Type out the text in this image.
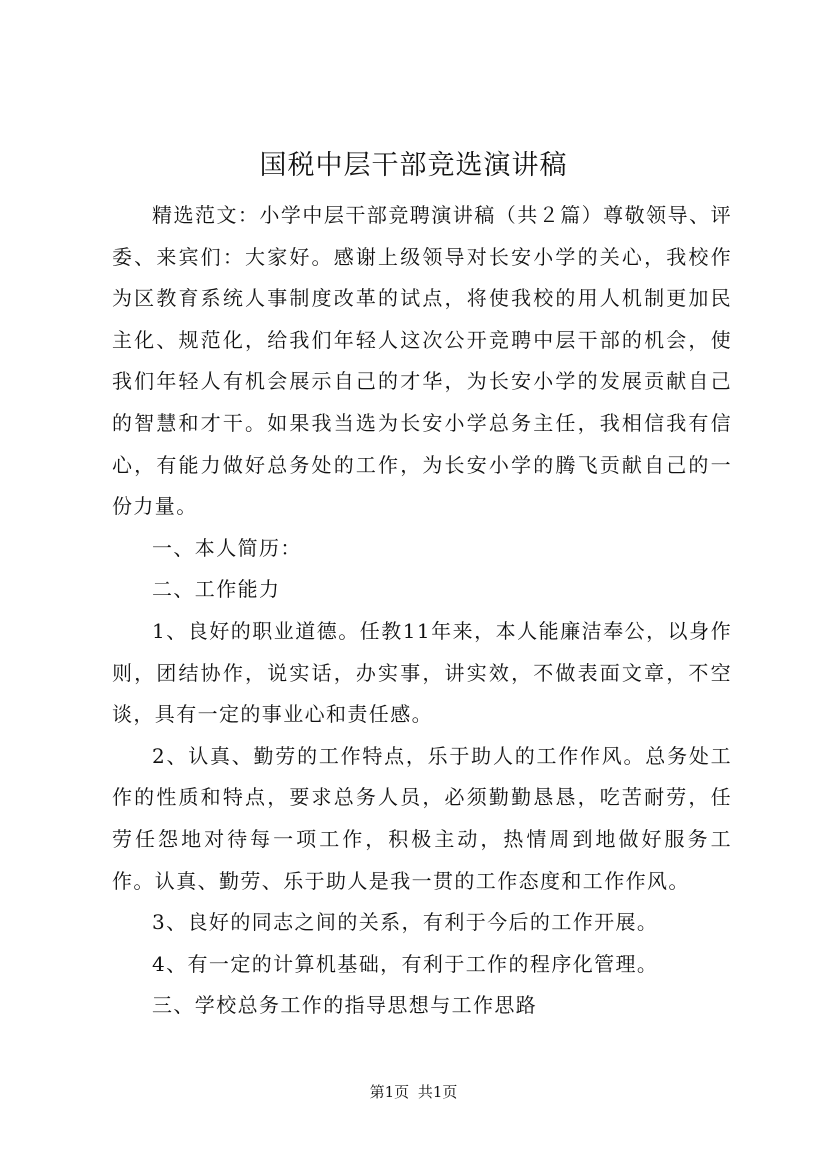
国税中层干部竞选演讲稿

精选范文：小学中层干部竞聘演讲稿（共２篇）尊敬领导、评委、来宾们：大家好。感谢上级领导对长安小学的关心，我校作为区教育系统人事制度改革的试点，将使我校的用人机制更加民主化、规范化，给我们年轻人这次公开竞聘中层干部的机会，使我们年轻人有机会展示自己的才华，为长安小学的发展贡献自己的智慧和才干。如果我当选为长安小学总务主任，我相信我有信心，有能力做好总务处的工作，为长安小学的腾飞贡献自己的一份力量。

一、本人简历：

二、工作能力

1、良好的职业道德。任教11年来，本人能廉洁奉公，以身作则，团结协作，说实话，办实事，讲实效，不做表面文章，不空谈，具有一定的事业心和责任感。

2、认真、勤劳的工作特点，乐于助人的工作作风。总务处工作的性质和特点，要求总务人员，必须勤勤恳恳，吃苦耐劳，任劳任怨地对待每一项工作，积极主动，热情周到地做好服务工作。认真、勤劳、乐于助人是我一贯的工作态度和工作作风。

3、良好的同志之间的关系，有利于今后的工作开展。

4、有一定的计算机基础，有利于工作的程序化管理。

三、学校总务工作的指导思想与工作思路

第1页 共1页
